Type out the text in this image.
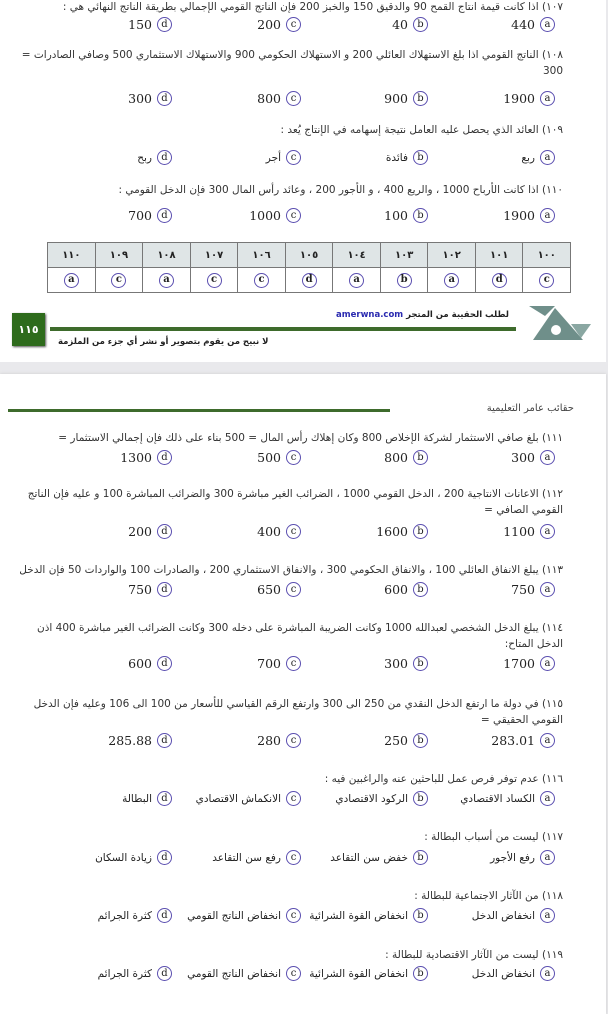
١٠٠	١٠١	١٠٢	١٠٣	١٠٤	١٠٥	١٠٦	١٠٧	١٠٨	١٠٩	١١٠
c	d	a	b	a	d	c	c	a	c	a
لطلب الحقيبة من المتجر amerwna.com
١١٥
لا نبيح من يقوم بتصوير أو نشر أي جزء من الملزمة
١٠٧) اذا كانت قيمة انتاج القمح 90 والدقيق 150 والخبز 200 فإن الناتج القومي الإجمالي بطريقة الناتج النهائي هي :
a
440
b
40
c
200
d
150
١٠٨) الناتج القومي اذا بلغ الاستهلاك العائلي 200 و الاستهلاك الحكومي 900 والاستهلاك الاستثماري 500 وصافي الصادرات = 300
a
1900
b
900
c
800
d
300
١٠٩) العائد الذي يحصل عليه العامل نتيجة إسهامه في الإنتاج يُعد :
a
ربع
b
فائدة
c
أجر
d
ربح
١١٠) اذا كانت الأرباح 1000 ، والريع 400 ، و الأجور 200 ، وعائد رأس المال 300 فإن الدخل القومي :
a
1900
b
100
c
1000
d
700
حقائب عامر التعليمية
١١١) بلغ صافي الاستثمار لشركة الإخلاص 800 وكان إهلاك رأس المال = 500 بناء على ذلك فإن إجمالي الاستثمار =
a
300
b
800
c
500
d
1300
١١٢) الاعانات الانتاجية 200 ، الدخل القومي 1000 ، الضرائب الغير مباشرة 300 والضرائب المباشرة 100 و عليه فإن الناتج القومي الصافي =
a
1100
b
1600
c
400
d
200
١١٣) يبلغ الانفاق العائلي 100 ، والانفاق الحكومي 300 ، والانفاق الاستثماري 200 ، والصادرات 100 والواردات 50 فإن الدخل
a
750
b
600
c
650
d
750
١١٤) يبلغ الدخل الشخصي لعبدالله 1000 وكانت الضريبة المباشرة على دخله 300 وكانت الضرائب الغير مباشرة 400 اذن الدخل المتاح:
a
1700
b
300
c
700
d
600
١١٥) في دولة ما ارتفع الدخل النقدي من 250 الى 300 وارتفع الرقم القياسي للأسعار من 100 الى 106 وعليه فإن الدخل القومي الحقيقي =
a
283.01
b
250
c
280
d
285.88
١١٦) عدم توفر فرص عمل للباحثين عنه والراغبين فيه :
a
الكساد الاقتصادي
b
الركود الاقتصادي
c
الانكماش الاقتصادي
d
البطالة
١١٧) ليست من أسباب البطالة :
a
رفع الأجور
b
خفض سن التقاعد
c
رفع سن التقاعد
d
زيادة السكان
١١٨) من الآثار الاجتماعية للبطالة :
a
انخفاض الدخل
b
انخفاض القوة الشرائية
c
انخفاض الناتج القومي
d
كثرة الجرائم
١١٩) ليست من الآثار الاقتصادية للبطالة :
a
انخفاض الدخل
b
انخفاض القوة الشرائية
c
انخفاض الناتج القومي
d
كثرة الجرائم
